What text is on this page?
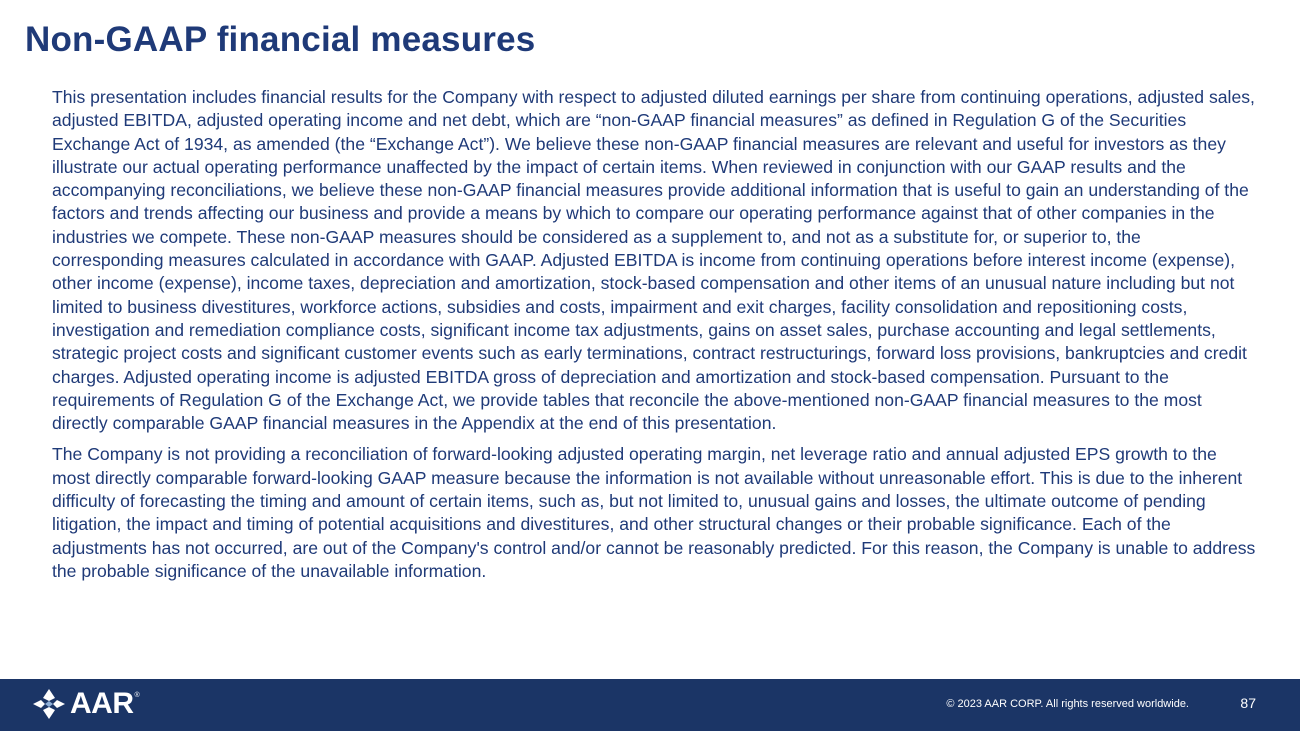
Non-GAAP financial measures

This presentation includes financial results for the Company with respect to adjusted diluted earnings per share from continuing operations, adjusted sales, adjusted EBITDA, adjusted operating income and net debt, which are “non-GAAP financial measures” as defined in Regulation G of the Securities Exchange Act of 1934, as amended (the “Exchange Act”). We believe these non-GAAP financial measures are relevant and useful for investors as they illustrate our actual operating performance unaffected by the impact of certain items. When reviewed in conjunction with our GAAP results and the accompanying reconciliations, we believe these non-GAAP financial measures provide additional information that is useful to gain an understanding of the factors and trends affecting our business and provide a means by which to compare our operating performance against that of other companies in the industries we compete. These non-GAAP measures should be considered as a supplement to, and not as a substitute for, or superior to, the corresponding measures calculated in accordance with GAAP. Adjusted EBITDA is income from continuing operations before interest income (expense), other income (expense), income taxes, depreciation and amortization, stock-based compensation and other items of an unusual nature including but not limited to business divestitures, workforce actions, subsidies and costs, impairment and exit charges, facility consolidation and repositioning costs, investigation and remediation compliance costs, significant income tax adjustments, gains on asset sales, purchase accounting and legal settlements, strategic project costs and significant customer events such as early terminations, contract restructurings, forward loss provisions, bankruptcies and credit charges. Adjusted operating income is adjusted EBITDA gross of depreciation and amortization and stock-based compensation. Pursuant to the requirements of Regulation G of the Exchange Act, we provide tables that reconcile the above-mentioned non-GAAP financial measures to the most directly comparable GAAP financial measures in the Appendix at the end of this presentation.

The Company is not providing a reconciliation of forward-looking adjusted operating margin, net leverage ratio and annual adjusted EPS growth to the most directly comparable forward-looking GAAP measure because the information is not available without unreasonable effort. This is due to the inherent difficulty of forecasting the timing and amount of certain items, such as, but not limited to, unusual gains and losses, the ultimate outcome of pending litigation, the impact and timing of potential acquisitions and divestitures, and other structural changes or their probable significance. Each of the adjustments has not occurred, are out of the Company's control and/or cannot be reasonably predicted. For this reason, the Company is unable to address the probable significance of the unavailable information.

AAR ®
© 2023 AAR CORP. All rights reserved worldwide.	87
